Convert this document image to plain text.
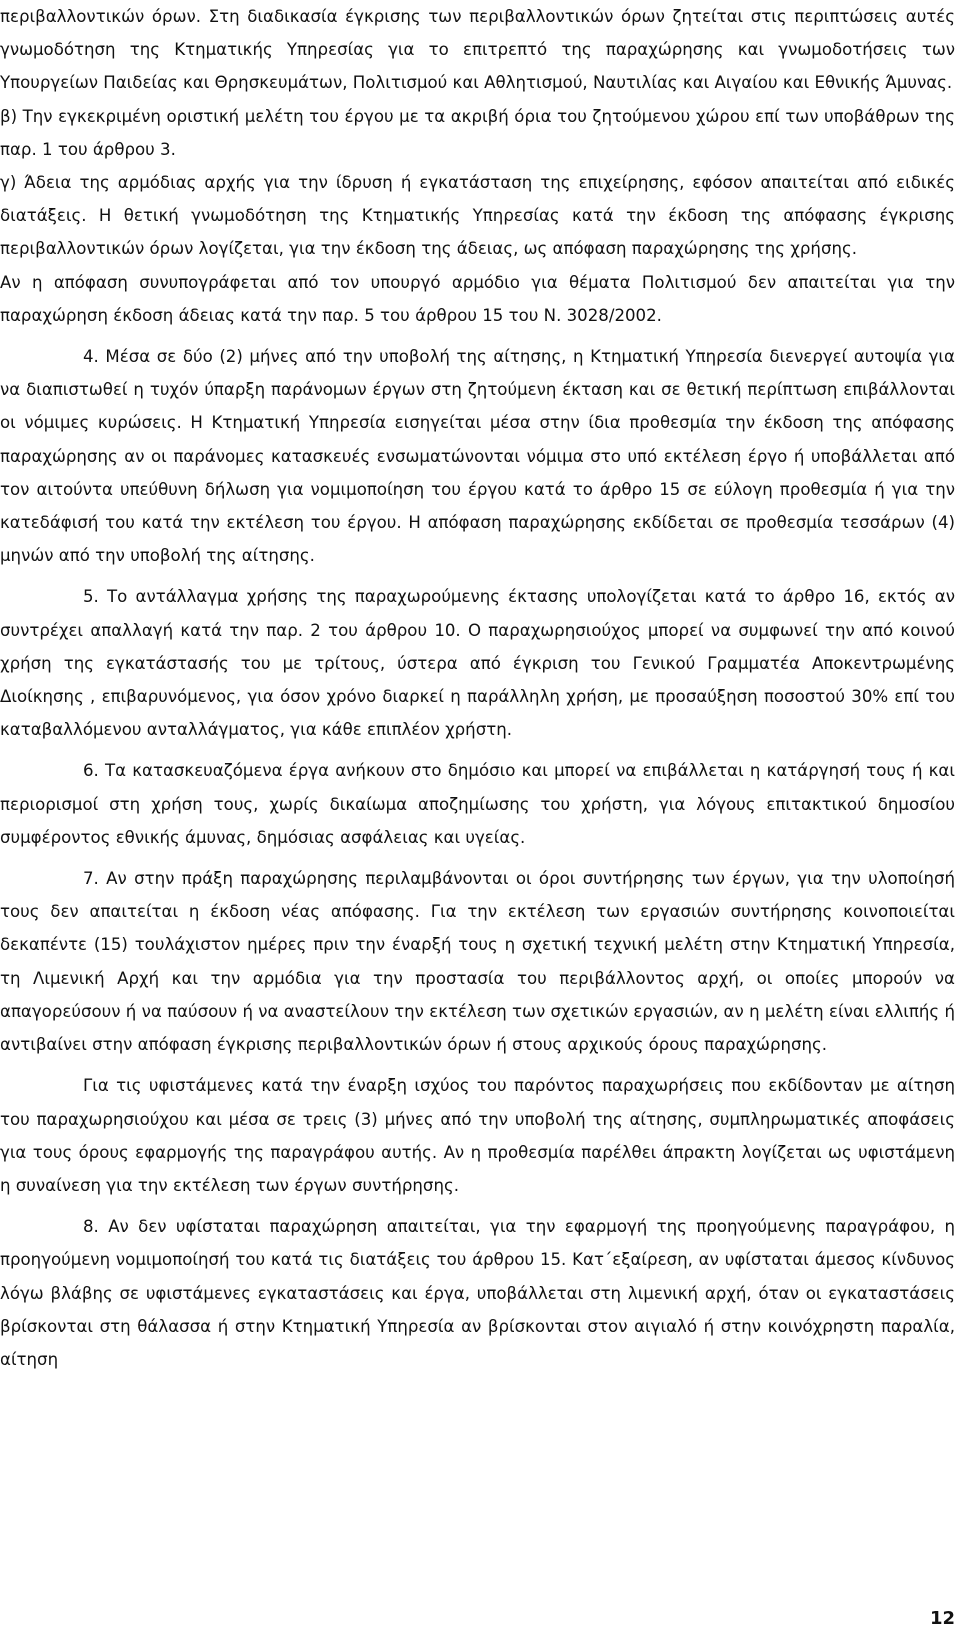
περιβαλλοντικών όρων. Στη διαδικασία έγκρισης των περιβαλλοντικών όρων ζητείται στις περιπτώσεις αυτές γνωμοδότηση της Κτηματικής Υπηρεσίας για το επιτρεπτό της παραχώρησης και γνωμοδοτήσεις των Υπουργείων Παιδείας και Θρησκευμάτων, Πολιτισμού και Αθλητισμού, Ναυτιλίας και Αιγαίου και Εθνικής Άμυνας.

β) Την εγκεκριμένη οριστική μελέτη του έργου με τα ακριβή όρια του ζητούμενου χώρου επί των υποβάθρων της παρ. 1 του άρθρου 3.

γ) Άδεια της αρμόδιας αρχής για την ίδρυση ή εγκατάσταση της επιχείρησης, εφόσον απαιτείται από ειδικές διατάξεις. Η θετική γνωμοδότηση της Κτηματικής Υπηρεσίας κατά την έκδοση της απόφασης έγκρισης περιβαλλοντικών όρων λογίζεται, για την έκδοση της άδειας, ως απόφαση παραχώρησης της χρήσης.

Αν η απόφαση συνυπογράφεται από τον υπουργό αρμόδιο για θέματα Πολιτισμού δεν απαιτείται για την παραχώρηση έκδοση άδειας κατά την παρ. 5 του άρθρου 15 του Ν. 3028/2002.

4. Μέσα σε δύο (2) μήνες από την υποβολή της αίτησης, η Κτηματική Υπηρεσία διενεργεί αυτοψία για να διαπιστωθεί η τυχόν ύπαρξη παράνομων έργων στη ζητούμενη έκταση και σε θετική περίπτωση επιβάλλονται οι νόμιμες κυρώσεις. Η Κτηματική Υπηρεσία εισηγείται μέσα στην ίδια προθεσμία την έκδοση της απόφασης παραχώρησης αν οι παράνομες κατασκευές ενσωματώνονται νόμιμα στο υπό εκτέλεση έργο ή υποβάλλεται από τον αιτούντα υπεύθυνη δήλωση για νομιμοποίηση του έργου κατά το άρθρο 15 σε εύλογη προθεσμία ή για την κατεδάφισή του κατά την εκτέλεση του έργου. Η απόφαση παραχώρησης εκδίδεται σε προθεσμία τεσσάρων (4) μηνών από την υποβολή της αίτησης.

5. Το αντάλλαγμα χρήσης της παραχωρούμενης έκτασης υπολογίζεται κατά το άρθρο 16, εκτός αν συντρέχει απαλλαγή κατά την παρ. 2 του άρθρου 10. Ο παραχωρησιούχος μπορεί να συμφωνεί την από κοινού χρήση της εγκατάστασής του με τρίτους, ύστερα από έγκριση του Γενικού Γραμματέα Αποκεντρωμένης Διοίκησης , επιβαρυνόμενος, για όσον χρόνο διαρκεί η παράλληλη χρήση, με προσαύξηση ποσοστού 30% επί του καταβαλλόμενου ανταλλάγματος, για κάθε επιπλέον χρήστη.

6. Τα κατασκευαζόμενα έργα ανήκουν στο δημόσιο και μπορεί να επιβάλλεται η κατάργησή τους ή και περιορισμοί στη χρήση τους, χωρίς δικαίωμα αποζημίωσης του χρήστη, για λόγους επιτακτικού δημοσίου συμφέροντος εθνικής άμυνας, δημόσιας ασφάλειας και υγείας.

7. Αν στην πράξη παραχώρησης περιλαμβάνονται οι όροι συντήρησης των έργων, για την υλοποίησή τους δεν απαιτείται η έκδοση νέας απόφασης. Για την εκτέλεση των εργασιών συντήρησης κοινοποιείται δεκαπέντε (15) τουλάχιστον ημέρες πριν την έναρξή τους η σχετική τεχνική μελέτη στην Κτηματική Υπηρεσία, τη Λιμενική Αρχή και την αρμόδια για την προστασία του περιβάλλοντος αρχή, οι οποίες μπορούν να απαγορεύσουν ή να παύσουν ή να αναστείλουν την εκτέλεση των σχετικών εργασιών, αν η μελέτη είναι ελλιπής ή αντιβαίνει στην απόφαση έγκρισης περιβαλλοντικών όρων ή στους αρχικούς όρους παραχώρησης.

Για τις υφιστάμενες κατά την έναρξη ισχύος του παρόντος παραχωρήσεις που εκδίδονταν με αίτηση του παραχωρησιούχου και μέσα σε τρεις (3) μήνες από την υποβολή της αίτησης, συμπληρωματικές αποφάσεις για τους όρους εφαρμογής της παραγράφου αυτής. Αν η προθεσμία παρέλθει άπρακτη λογίζεται ως υφιστάμενη η συναίνεση για την εκτέλεση των έργων συντήρησης.

8. Αν δεν υφίσταται παραχώρηση απαιτείται, για την εφαρμογή της προηγούμενης παραγράφου, η προηγούμενη νομιμοποίησή του κατά τις διατάξεις του άρθρου 15. Κατ΄εξαίρεση, αν υφίσταται άμεσος κίνδυνος λόγω βλάβης σε υφιστάμενες εγκαταστάσεις και έργα, υποβάλλεται στη λιμενική αρχή, όταν οι εγκαταστάσεις βρίσκονται στη θάλασσα ή στην Κτηματική Υπηρεσία αν βρίσκονται στον αιγιαλό ή στην κοινόχρηστη παραλία, αίτηση

12
